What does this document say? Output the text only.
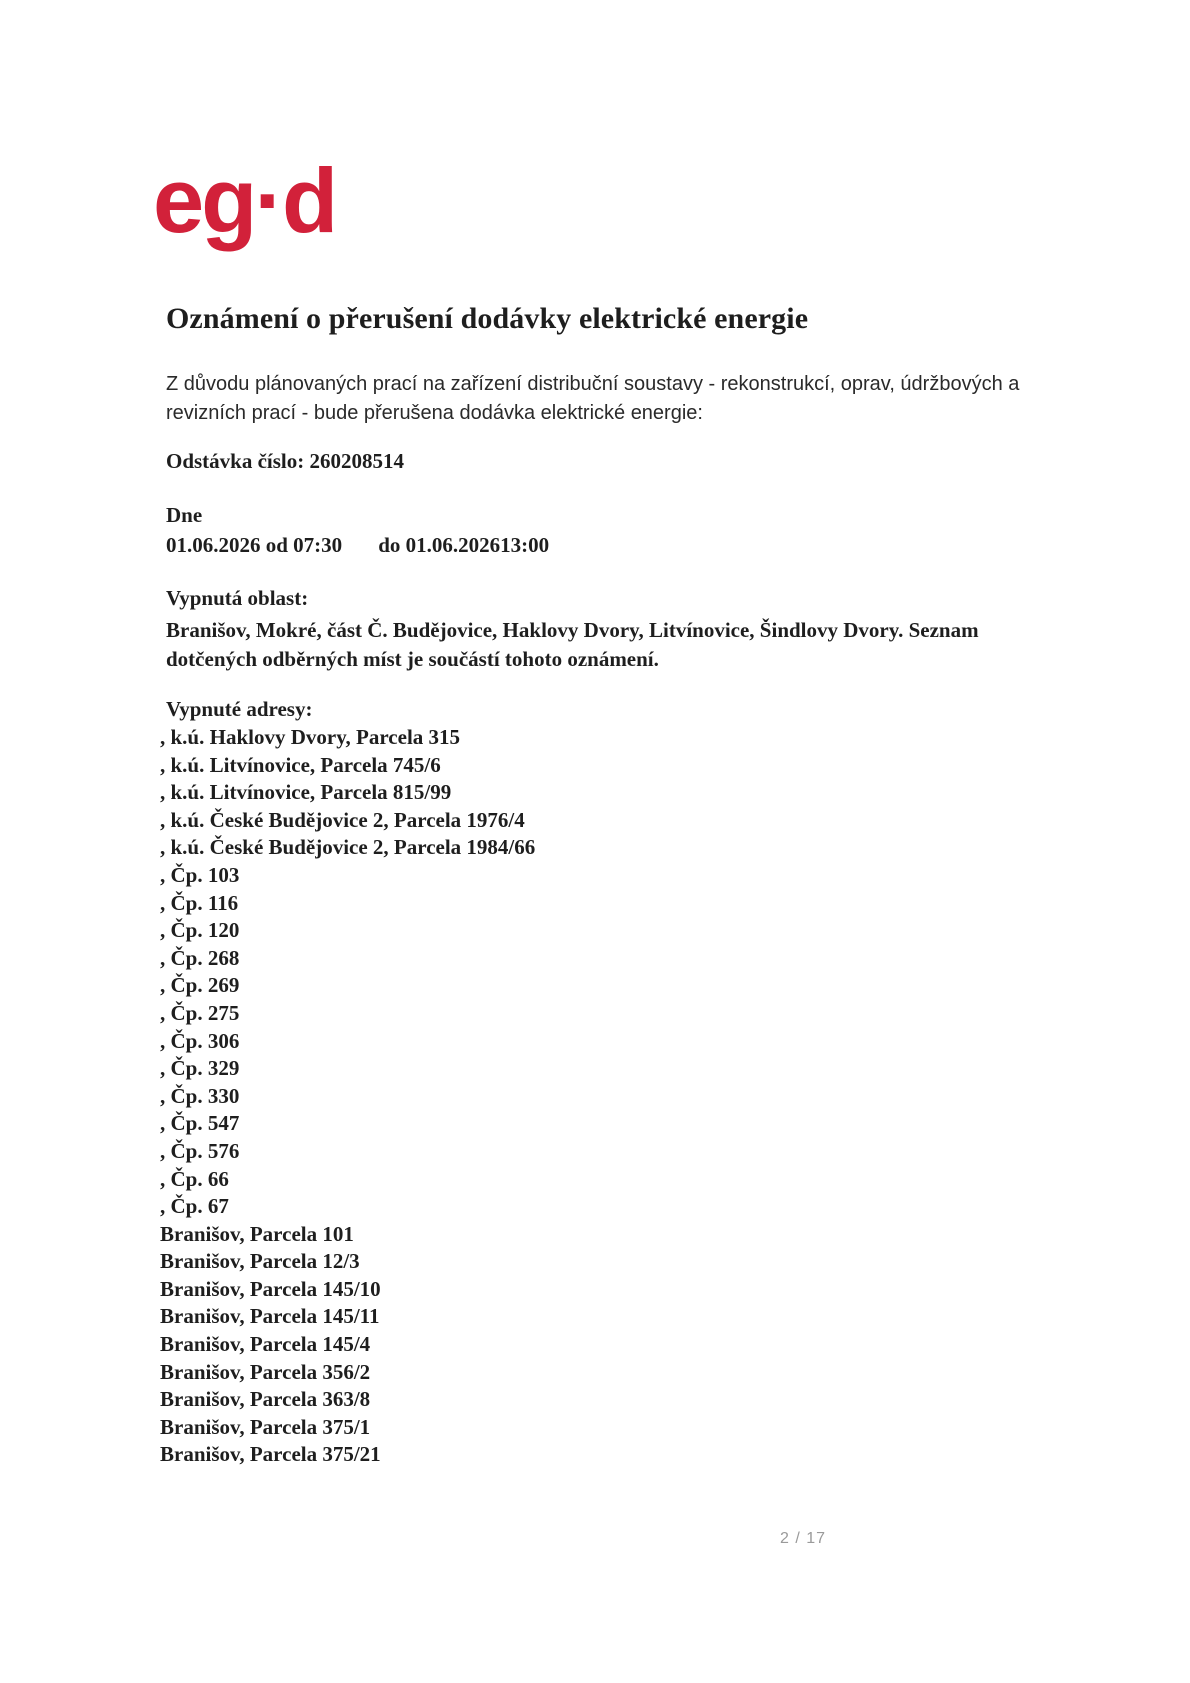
eg·d
Oznámení o přerušení dodávky elektrické energie

Z důvodu plánovaných prací na zařízení distribuční soustavy - rekonstrukcí, oprav, údržbových a revizních prací - bude přerušena dodávka elektrické energie:

Odstávka číslo: 260208514

Dne

01.06.2026 od 07:30 do 01.06.202613:00

Vypnutá oblast:

Branišov, Mokré, část Č. Budějovice, Haklovy Dvory, Litvínovice, Šindlovy Dvory. Seznam dotčených odběrných míst je součástí tohoto oznámení.

Vypnuté adresy:

, k.ú. Haklovy Dvory, Parcela 315
, k.ú. Litvínovice, Parcela 745/6
, k.ú. Litvínovice, Parcela 815/99
, k.ú. České Budějovice 2, Parcela 1976/4
, k.ú. České Budějovice 2, Parcela 1984/66
, Čp. 103
, Čp. 116
, Čp. 120
, Čp. 268
, Čp. 269
, Čp. 275
, Čp. 306
, Čp. 329
, Čp. 330
, Čp. 547
, Čp. 576
, Čp. 66
, Čp. 67
Branišov, Parcela 101
Branišov, Parcela 12/3
Branišov, Parcela 145/10
Branišov, Parcela 145/11
Branišov, Parcela 145/4
Branišov, Parcela 356/2
Branišov, Parcela 363/8
Branišov, Parcela 375/1
Branišov, Parcela 375/21
2 / 17
